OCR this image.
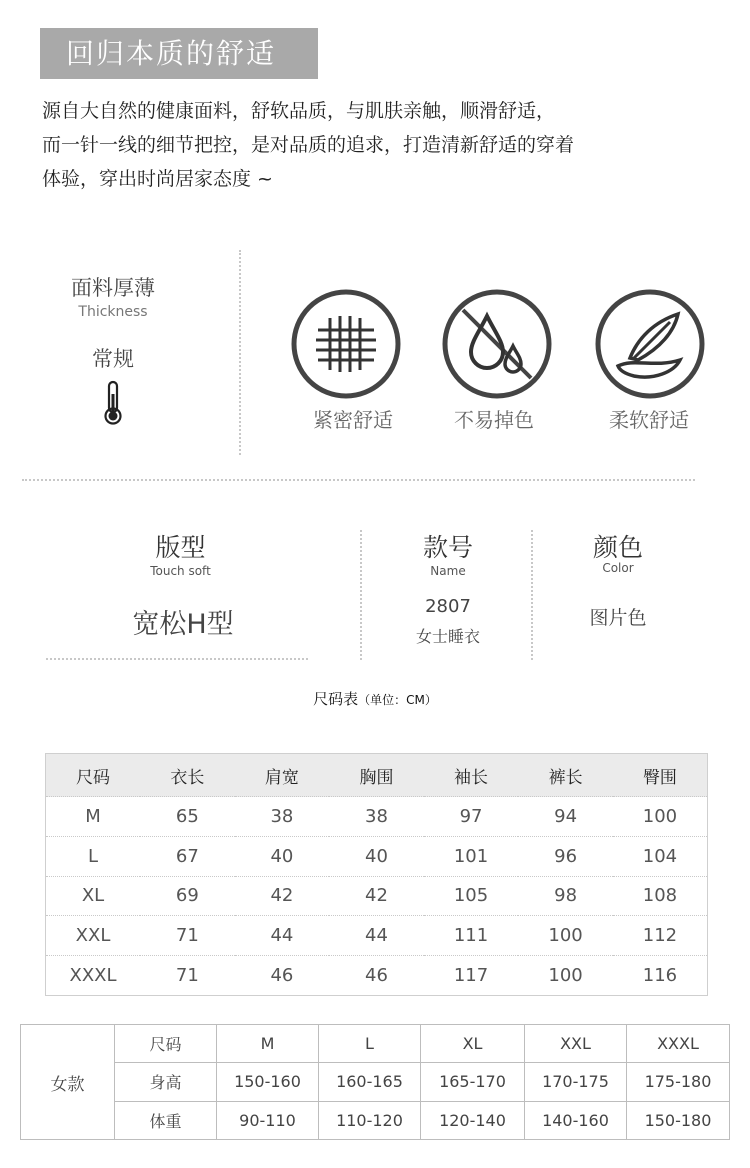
回归本质的舒适
源自大自然的健康面料，舒软品质，与肌肤亲触，顺滑舒适，
而一针一线的细节把控，是对品质的追求，打造清新舒适的穿着
体验，穿出时尚居家态度 ~
面料厚薄
Thickness
常规
紧密舒适	不易掉色	柔软舒适
版型
Touch soft
宽松H型
款号
Name
2807
女士睡衣
颜色
Color
图片色
尺码表（单位：CM）
尺码	衣长	肩宽	胸围	袖长	裤长	臀围
M	65	38	38	97	94	100
L	67	40	40	101	96	104
XL	69	42	42	105	98	108
XXL	71	44	44	111	100	112
XXXL	71	46	46	117	100	116
女款	尺码	M	L	XL	XXL	XXXL
	身高	150-160	160-165	165-170	170-175	175-180
	体重	90-110	110-120	120-140	140-160	150-180
